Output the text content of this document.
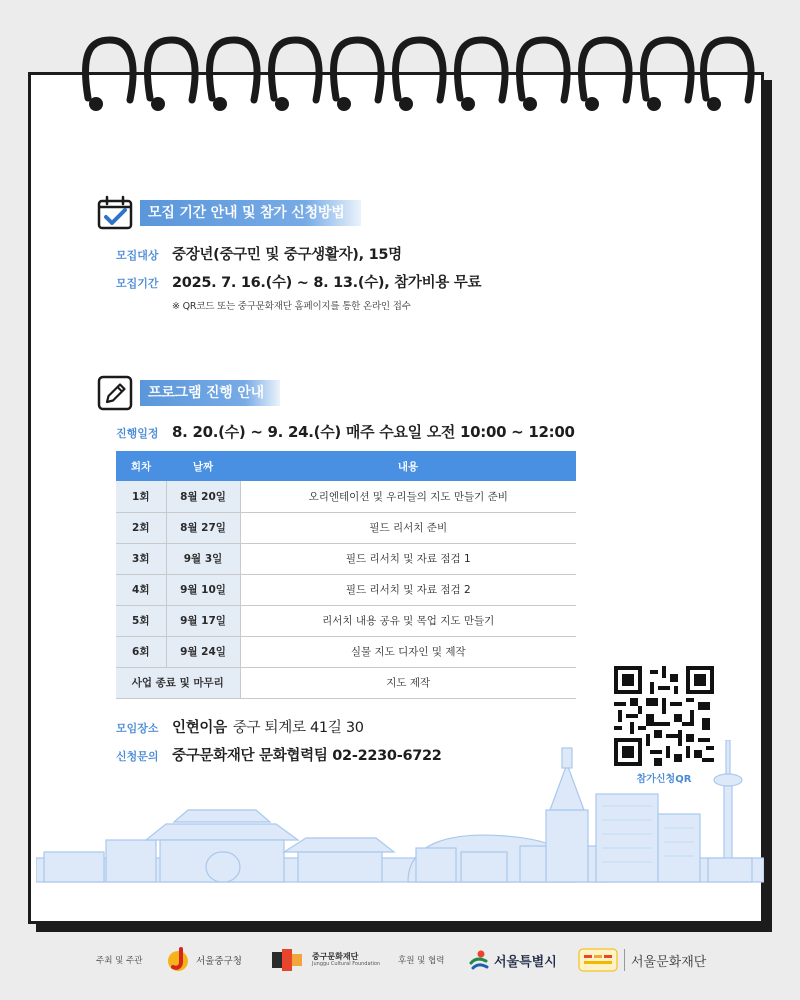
모집 기간 안내 및 참가 신청방법
모집대상 중장년(중구민 및 중구생활자), 15명
모집기간 2025. 7. 16.(수) ~ 8. 13.(수), 참가비용 무료
※ QR코드 또는 중구문화재단 홈페이지를 통한 온라인 접수
프로그램 진행 안내
진행일정 8. 20.(수) ~ 9. 24.(수) 매주 수요일 오전 10:00 ~ 12:00
회차	날짜	내용
1회	8월 20일	오리엔테이션 및 우리들의 지도 만들기 준비
2회	8월 27일	필드 리서치 준비
3회	9월 3일	필드 리서치 및 자료 점검 1
4회	9월 10일	필드 리서치 및 자료 점검 2
5회	9월 17일	리서치 내용 공유 및 목업 지도 만들기
6회	9월 24일	실물 지도 디자인 및 제작
사업 종료 및 마무리		지도 제작
모임장소 인현이음 중구 퇴계로 41길 30
신청문의 중구문화재단 문화협력팀 02-2230-6722
참가신청QR
주최 및 주관	서울중구청	중구문화재단
Junggu Cultural Foundation 후원 및 협력	서울특별시	서울문화재단
